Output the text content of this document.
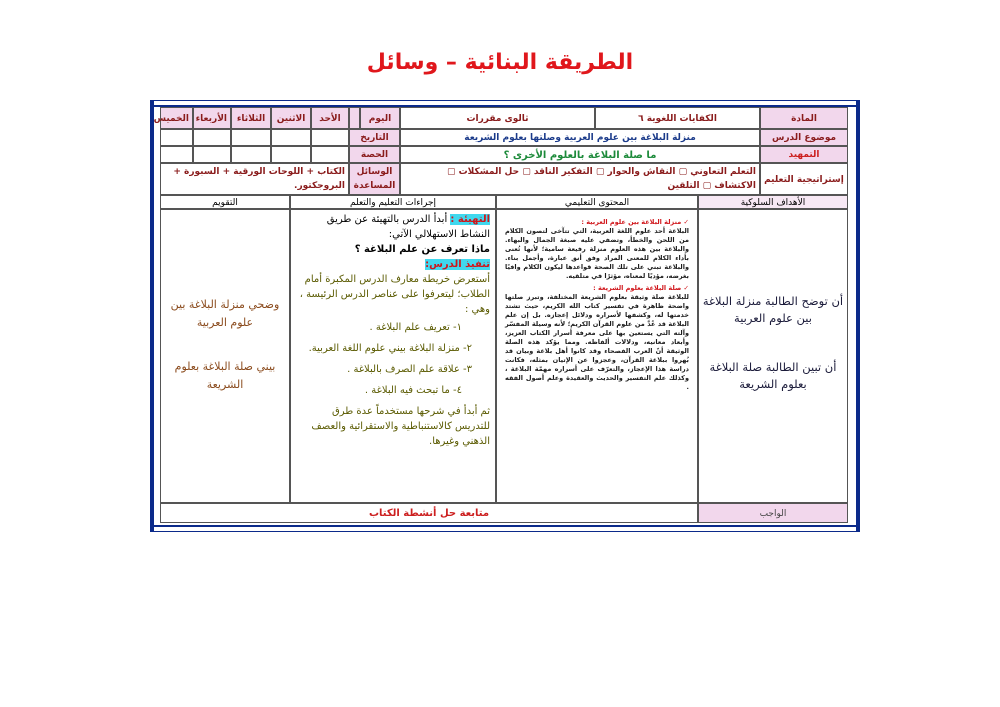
الطريقة البنائية – وسائل
المادة
الكفايات اللغوية ٦
ثالوى مقررات
اليوم
الأحد
الاثنين
الثلاثاء
الأربعاء
الخميس
موضوع الدرس
منزلة البلاغة بين علوم العربية وصلتها بعلوم الشريعة
التاريخ
التمهيد
ما صلة البلاغة بالعلوم الأخرى ؟
الحصة
إستراتيجية التعليم
التعلم التعاوني ▢ النقاش والحوار ▢ التفكير الناقد ▢ حل المشكلات ▢ الاكتشاف ▢ التلقين
الوسائل المساعدة
الكتاب + اللوحات الورقية + السبورة + البروجكتور.
الأهداف السلوكية
المحتوى التعليمي
إجراءات التعليم والتعلم
التقويم
أن توضح الطالبة منزلة البلاغة بين علوم العربية
أن تبين الطالبة صلة البلاغة بعلوم الشريعة
✓ منزلة البلاغة بين علوم العربية :
البلاغة أحد علوم اللغة العربية، التي تتآخى لتصون الكلام من اللحن والخطأ، وتضفي عليه صبغة الجمال والبهاء. والبلاغة بين هذه العلوم منزلة رفيعة سامية؛ لأنها تُعنى بأداء الكلام للمعنى المراد وفق أنق عبارة، وأجمل بناء. والبلاغة تبني على تلك الصحة قواعدها ليكون الكلام وافيًا بغرضه، مؤديًا لمعناه، مؤثرًا في متلقيه.
✓ صلة البلاغة بعلوم الشريعة :
للبلاغة صلة وثيقة بعلوم الشريعة المختلفة، وتبرز صلتها واضحة ظاهرة في تفسير كتاب الله الكريم، حيث تشتد خدمتها له، وكشفها لأسراره ودلائل إعجازه. بل إن علم البلاغة قد عُدَّ من علوم القرآن الكريم؛ لأنه وسيلة المفسّر وآلته التي يستعين بها على معرفة أسرار الكتاب العزيز، وأبعاد معانيه، ودلالات ألفاظه. ومما يؤكد هذه الصلة الوثيقة أنّ العرب الفصحاء وقد كانوا أهل بلاغة وبيان قد بُهروا ببلاغة القرآن، وعجزوا عن الإتيان بمثله، فكانت دراسة هذا الإعجاز، والتعرّف على أسراره مهمّة البلاغة ، وكذلك علم التفسير والحديث والعقيدة وعلم أصول الفقه .
التهيئة : أبدأ الدرس بالتهيئة عن طريق النشاط الاستهلالي الآتي:
ماذا تعرف عن علم البلاغة ؟
تنفيذ الدرس:
أستعرض خريطة معارف الدرس المكبرة أمام الطلاب؛ ليتعرفوا على عناصر الدرس الرئيسة ، وهي :
١- تعريف علم البلاغة .
٢- منزلة البلاغة بيني علوم اللغة العربية.
٣- علاقة علم الصرف بالبلاغة .
٤- ما تبحث فيه البلاغة .
ثم أبدأ في شرحها مستخدماً عدة طرق للتدريس كالاستنباطية والاستقرائية والعصف الذهني وغيرها.
وضحي منزلة البلاغة بين علوم العربية
بيني صلة البلاغة بعلوم الشريعة
الواجب
متابعة حل أنشطة الكتاب
